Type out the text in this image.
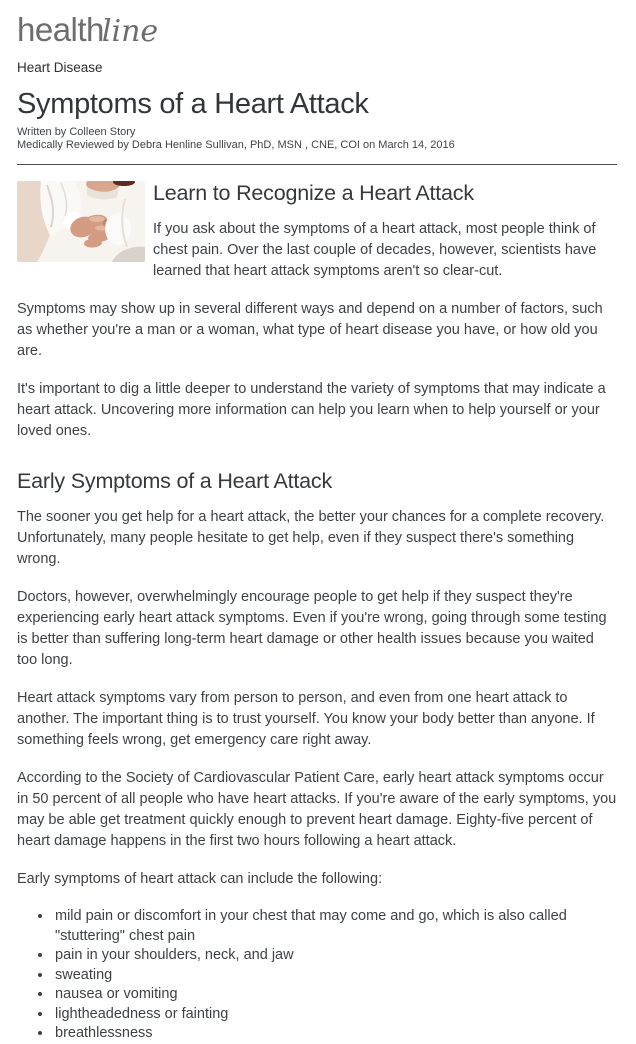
healthline
Heart Disease
Symptoms of a Heart Attack

Written by Colleen Story

Medically Reviewed by Debra Henline Sullivan, PhD, MSN , CNE, COI on March 14, 2016

Learn to Recognize a Heart Attack

If you ask about the symptoms of a heart attack, most people think of chest pain. Over the last couple of decades, however, scientists have learned that heart attack symptoms aren't so clear-cut.

Symptoms may show up in several different ways and depend on a number of factors, such as whether you're a man or a woman, what type of heart disease you have, or how old you are.

It's important to dig a little deeper to understand the variety of symptoms that may indicate a heart attack. Uncovering more information can help you learn when to help yourself or your loved ones.

Early Symptoms of a Heart Attack

The sooner you get help for a heart attack, the better your chances for a complete recovery. Unfortunately, many people hesitate to get help, even if they suspect there's something wrong.

Doctors, however, overwhelmingly encourage people to get help if they suspect they're experiencing early heart attack symptoms. Even if you're wrong, going through some testing is better than suffering long-term heart damage or other health issues because you waited too long.

Heart attack symptoms vary from person to person, and even from one heart attack to another. The important thing is to trust yourself. You know your body better than anyone. If something feels wrong, get emergency care right away.

According to the Society of Cardiovascular Patient Care, early heart attack symptoms occur in 50 percent of all people who have heart attacks. If you're aware of the early symptoms, you may be able get treatment quickly enough to prevent heart damage. Eighty-five percent of heart damage happens in the first two hours following a heart attack.

Early symptoms of heart attack can include the following:

• mild pain or discomfort in your chest that may come and go, which is also called "stuttering" chest pain
• pain in your shoulders, neck, and jaw
• sweating
• nausea or vomiting
• lightheadedness or fainting
• breathlessness
